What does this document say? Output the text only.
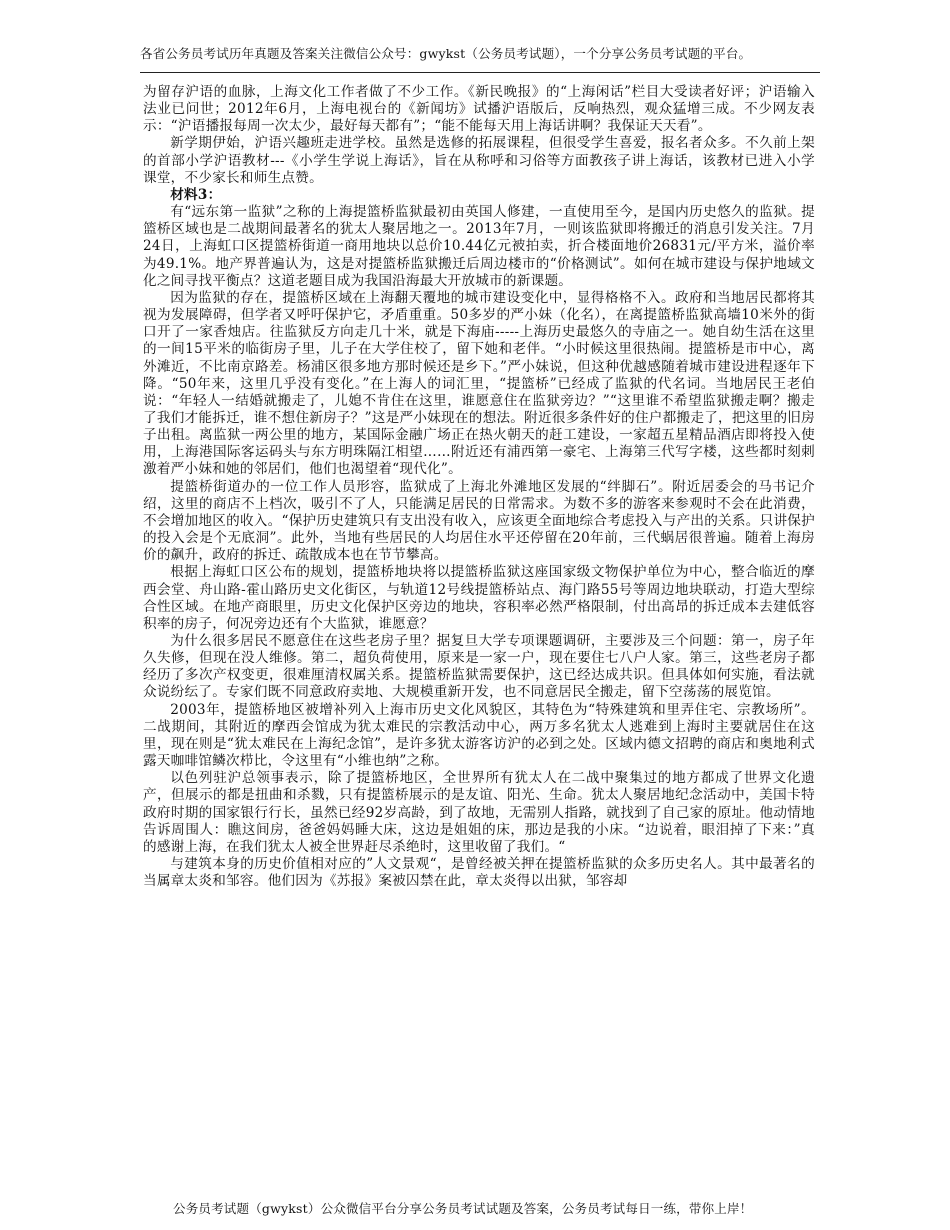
各省公务员考试历年真题及答案关注微信公众号：gwykst（公务员考试题），一个分享公务员考试题的平台。

为留存沪语的血脉，上海文化工作者做了不少工作。《新民晚报》的“上海闲话”栏目大受读者好评；沪语输入法业已问世；2012年6月，上海电视台的《新闻坊》试播沪语版后，反响热烈，观众猛增三成。不少网友表示：“沪语播报每周一次太少，最好每天都有”；“能不能每天用上海话讲啊？我保证天天看”。

新学期伊始，沪语兴趣班走进学校。虽然是选修的拓展课程，但很受学生喜爱，报名者众多。不久前上架的首部小学沪语教材---《小学生学说上海话》，旨在从称呼和习俗等方面教孩子讲上海话，该教材已进入小学课堂，不少家长和师生点赞。

材料3：

有“远东第一监狱”之称的上海提篮桥监狱最初由英国人修建，一直使用至今，是国内历史悠久的监狱。提篮桥区域也是二战期间最著名的犹太人聚居地之一。2013年7月，一则该监狱即将搬迁的消息引发关注。7月24日，上海虹口区提篮桥街道一商用地块以总价10.44亿元被拍卖，折合楼面地价26831元/平方米，溢价率为49.1%。地产界普遍认为，这是对提篮桥监狱搬迁后周边楼市的“价格测试”。如何在城市建设与保护地域文化之间寻找平衡点？这道老题目成为我国沿海最大开放城市的新课题。

因为监狱的存在，提篮桥区域在上海翻天覆地的城市建设变化中，显得格格不入。政府和当地居民都将其视为发展障碍，但学者又呼吁保护它，矛盾重重。50多岁的严小妹（化名），在离提篮桥监狱高墙10米外的街口开了一家香烛店。往监狱反方向走几十米，就是下海庙-----上海历史最悠久的寺庙之一。她自幼生活在这里的一间15平米的临街房子里，儿子在大学住校了，留下她和老伴。“小时候这里很热闹。提篮桥是市中心，离外滩近，不比南京路差。杨浦区很多地方那时候还是乡下。”严小妹说，但这种优越感随着城市建设进程逐年下降。“50年来，这里几乎没有变化。”在上海人的词汇里，“提篮桥”已经成了监狱的代名词。当地居民王老伯说：“年轻人一结婚就搬走了，儿媳不肯住在这里，谁愿意住在监狱旁边？”“这里谁不希望监狱搬走啊？搬走了我们才能拆迁，谁不想住新房子？”这是严小妹现在的想法。附近很多条件好的住户都搬走了，把这里的旧房子出租。离监狱一两公里的地方，某国际金融广场正在热火朝天的赶工建设，一家超五星精品酒店即将投入使用，上海港国际客运码头与东方明珠隔江相望……附近还有浦西第一豪宅、上海第三代写字楼，这些都时刻刺激着严小妹和她的邻居们，他们也渴望着“现代化”。

提篮桥街道办的一位工作人员形容，监狱成了上海北外滩地区发展的“绊脚石”。附近居委会的马书记介绍，这里的商店不上档次，吸引不了人，只能满足居民的日常需求。为数不多的游客来参观时不会在此消费，不会增加地区的收入。“保护历史建筑只有支出没有收入，应该更全面地综合考虑投入与产出的关系。只讲保护的投入会是个无底洞”。此外，当地有些居民的人均居住水平还停留在20年前，三代蜗居很普遍。随着上海房价的飙升，政府的拆迁、疏散成本也在节节攀高。

根据上海虹口区公布的规划，提篮桥地块将以提篮桥监狱这座国家级文物保护单位为中心，整合临近的摩西会堂、舟山路-霍山路历史文化街区，与轨道12号线提篮桥站点、海门路55号等周边地块联动，打造大型综合性区域。在地产商眼里，历史文化保护区旁边的地块，容积率必然严格限制，付出高昂的拆迁成本去建低容积率的房子，何况旁边还有个大监狱，谁愿意？

为什么很多居民不愿意住在这些老房子里？据复旦大学专项课题调研，主要涉及三个问题：第一，房子年久失修，但现在没人维修。第二，超负荷使用，原来是一家一户，现在要住七八户人家。第三，这些老房子都经历了多次产权变更，很难厘清权属关系。提篮桥监狱需要保护，这已经达成共识。但具体如何实施，看法就众说纷纭了。专家们既不同意政府卖地、大规模重新开发，也不同意居民全搬走，留下空荡荡的展览馆。

2003年，提篮桥地区被增补列入上海市历史文化风貌区，其特色为“特殊建筑和里弄住宅、宗教场所”。二战期间，其附近的摩西会馆成为犹太难民的宗教活动中心，两万多名犹太人逃难到上海时主要就居住在这里，现在则是“犹太难民在上海纪念馆”，是许多犹太游客访沪的必到之处。区域内德文招聘的商店和奥地利式露天咖啡馆鳞次栉比，令这里有“小维也纳”之称。

以色列驻沪总领事表示，除了提篮桥地区，全世界所有犹太人在二战中聚集过的地方都成了世界文化遗产，但展示的都是扭曲和杀戮，只有提篮桥展示的是友谊、阳光、生命。犹太人聚居地纪念活动中，美国卡特政府时期的国家银行行长，虽然已经92岁高龄，到了故地，无需别人指路，就找到了自己家的原址。他动情地告诉周围人：瞧这间房，爸爸妈妈睡大床，这边是姐姐的床，那边是我的小床。“边说着，眼泪掉了下来：”真的感谢上海，在我们犹太人被全世界赶尽杀绝时，这里收留了我们。“

与建筑本身的历史价值相对应的”人文景观“，是曾经被关押在提篮桥监狱的众多历史名人。其中最著名的当属章太炎和邹容。他们因为《苏报》案被囚禁在此，章太炎得以出狱，邹容却

公务员考试题（gwykst）公众微信平台分享公务员考试试题及答案，公务员考试每日一练，带你上岸！
